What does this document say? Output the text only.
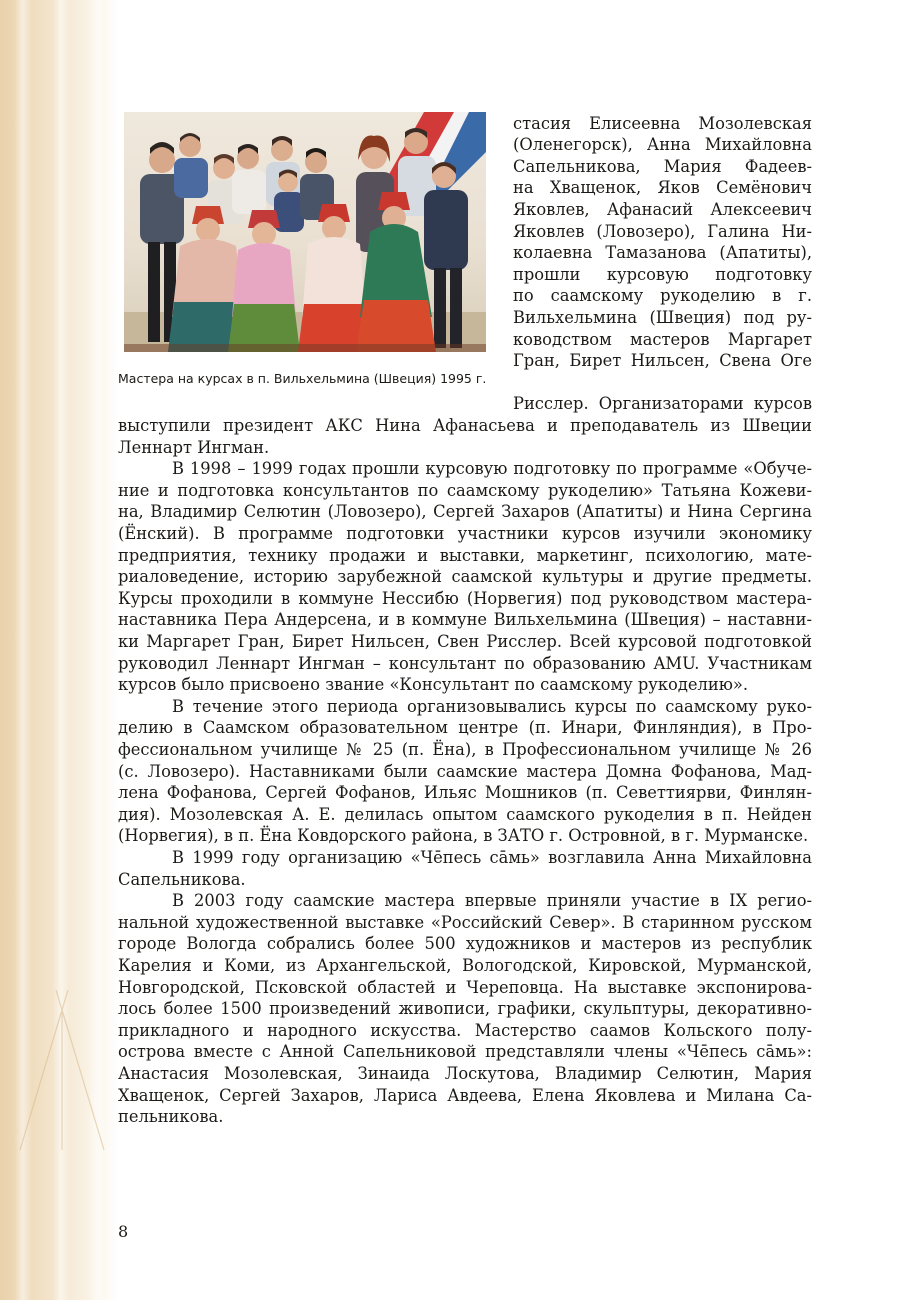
Мастера на курсах в п. Вильхельмина (Швеция) 1995 г.
стасия Елисеевна Мозолевская
(Оленегорск), Анна Михайловна
Сапельникова, Мария Фадеев-
на Хващенок, Яков Семёнович
Яковлев, Афанасий Алексеевич
Яковлев (Ловозеро), Галина Ни-
колаевна Тамазанова (Апатиты),
прошли курсовую подготовку
по саамскому рукоделию в г.
Вильхельмина (Швеция) под ру-
ководством мастеров Маргарет
Гран, Бирет Нильсен, Свена Оге
Рисслер. Организаторами курсов
выступили президент АКС Нина Афанасьева и преподаватель из Швеции
Леннарт Ингман.
В 1998 – 1999 годах прошли курсовую подготовку по программе «Обуче-
ние и подготовка консультантов по саамскому рукоделию» Татьяна Кожеви-
на, Владимир Селютин (Ловозеро), Сергей Захаров (Апатиты) и Нина Сергина
(Ёнский). В программе подготовки участники курсов изучили экономику
предприятия, технику продажи и выставки, маркетинг, психологию, мате-
риаловедение, историю зарубежной саамской культуры и другие предметы.
Курсы проходили в коммуне Нессибю (Норвегия) под руководством мастера-
наставника Пера Андерсена, и в коммуне Вильхельмина (Швеция) – наставни-
ки Маргарет Гран, Бирет Нильсен, Свен Рисслер. Всей курсовой подготовкой
руководил Леннарт Ингман – консультант по образованию AMU. Участникам
курсов было присвоено звание «Консультант по саамскому рукоделию».
В течение этого периода организовывались курсы по саамскому руко-
делию в Саамском образовательном центре (п. Инари, Финляндия), в Про-
фессиональном училище № 25 (п. Ёна), в Профессиональном училище № 26
(с. Ловозеро). Наставниками были саамские мастера Домна Фофанова, Мад-
лена Фофанова, Сергей Фофанов, Ильяс Мошников (п. Севеттиярви, Финлян-
дия). Мозолевская А. Е. делилась опытом саамского рукоделия в п. Нейден
(Норвегия), в п. Ёна Ковдорского района, в ЗАТО г. Островной, в г. Мурманске.
В 1999 году организацию «Чēпесь сāмь» возглавила Анна Михайловна
Сапельникова.
В 2003 году саамские мастера впервые приняли участие в IX регио-
нальной художественной выставке «Российский Север». В старинном русском
городе Вологда собрались более 500 художников и мастеров из республик
Карелия и Коми, из Архангельской, Вологодской, Кировской, Мурманской,
Новгородской, Псковской областей и Череповца. На выставке экспонирова-
лось более 1500 произведений живописи, графики, скульптуры, декоративно-
прикладного и народного искусства. Мастерство саамов Кольского полу-
острова вместе с Анной Сапельниковой представляли члены «Чēпесь сāмь»:
Анастасия Мозолевская, Зинаида Лоскутова, Владимир Селютин, Мария
Хващенок, Сергей Захаров, Лариса Авдеева, Елена Яковлева и Милана Са-
пельникова.
8
